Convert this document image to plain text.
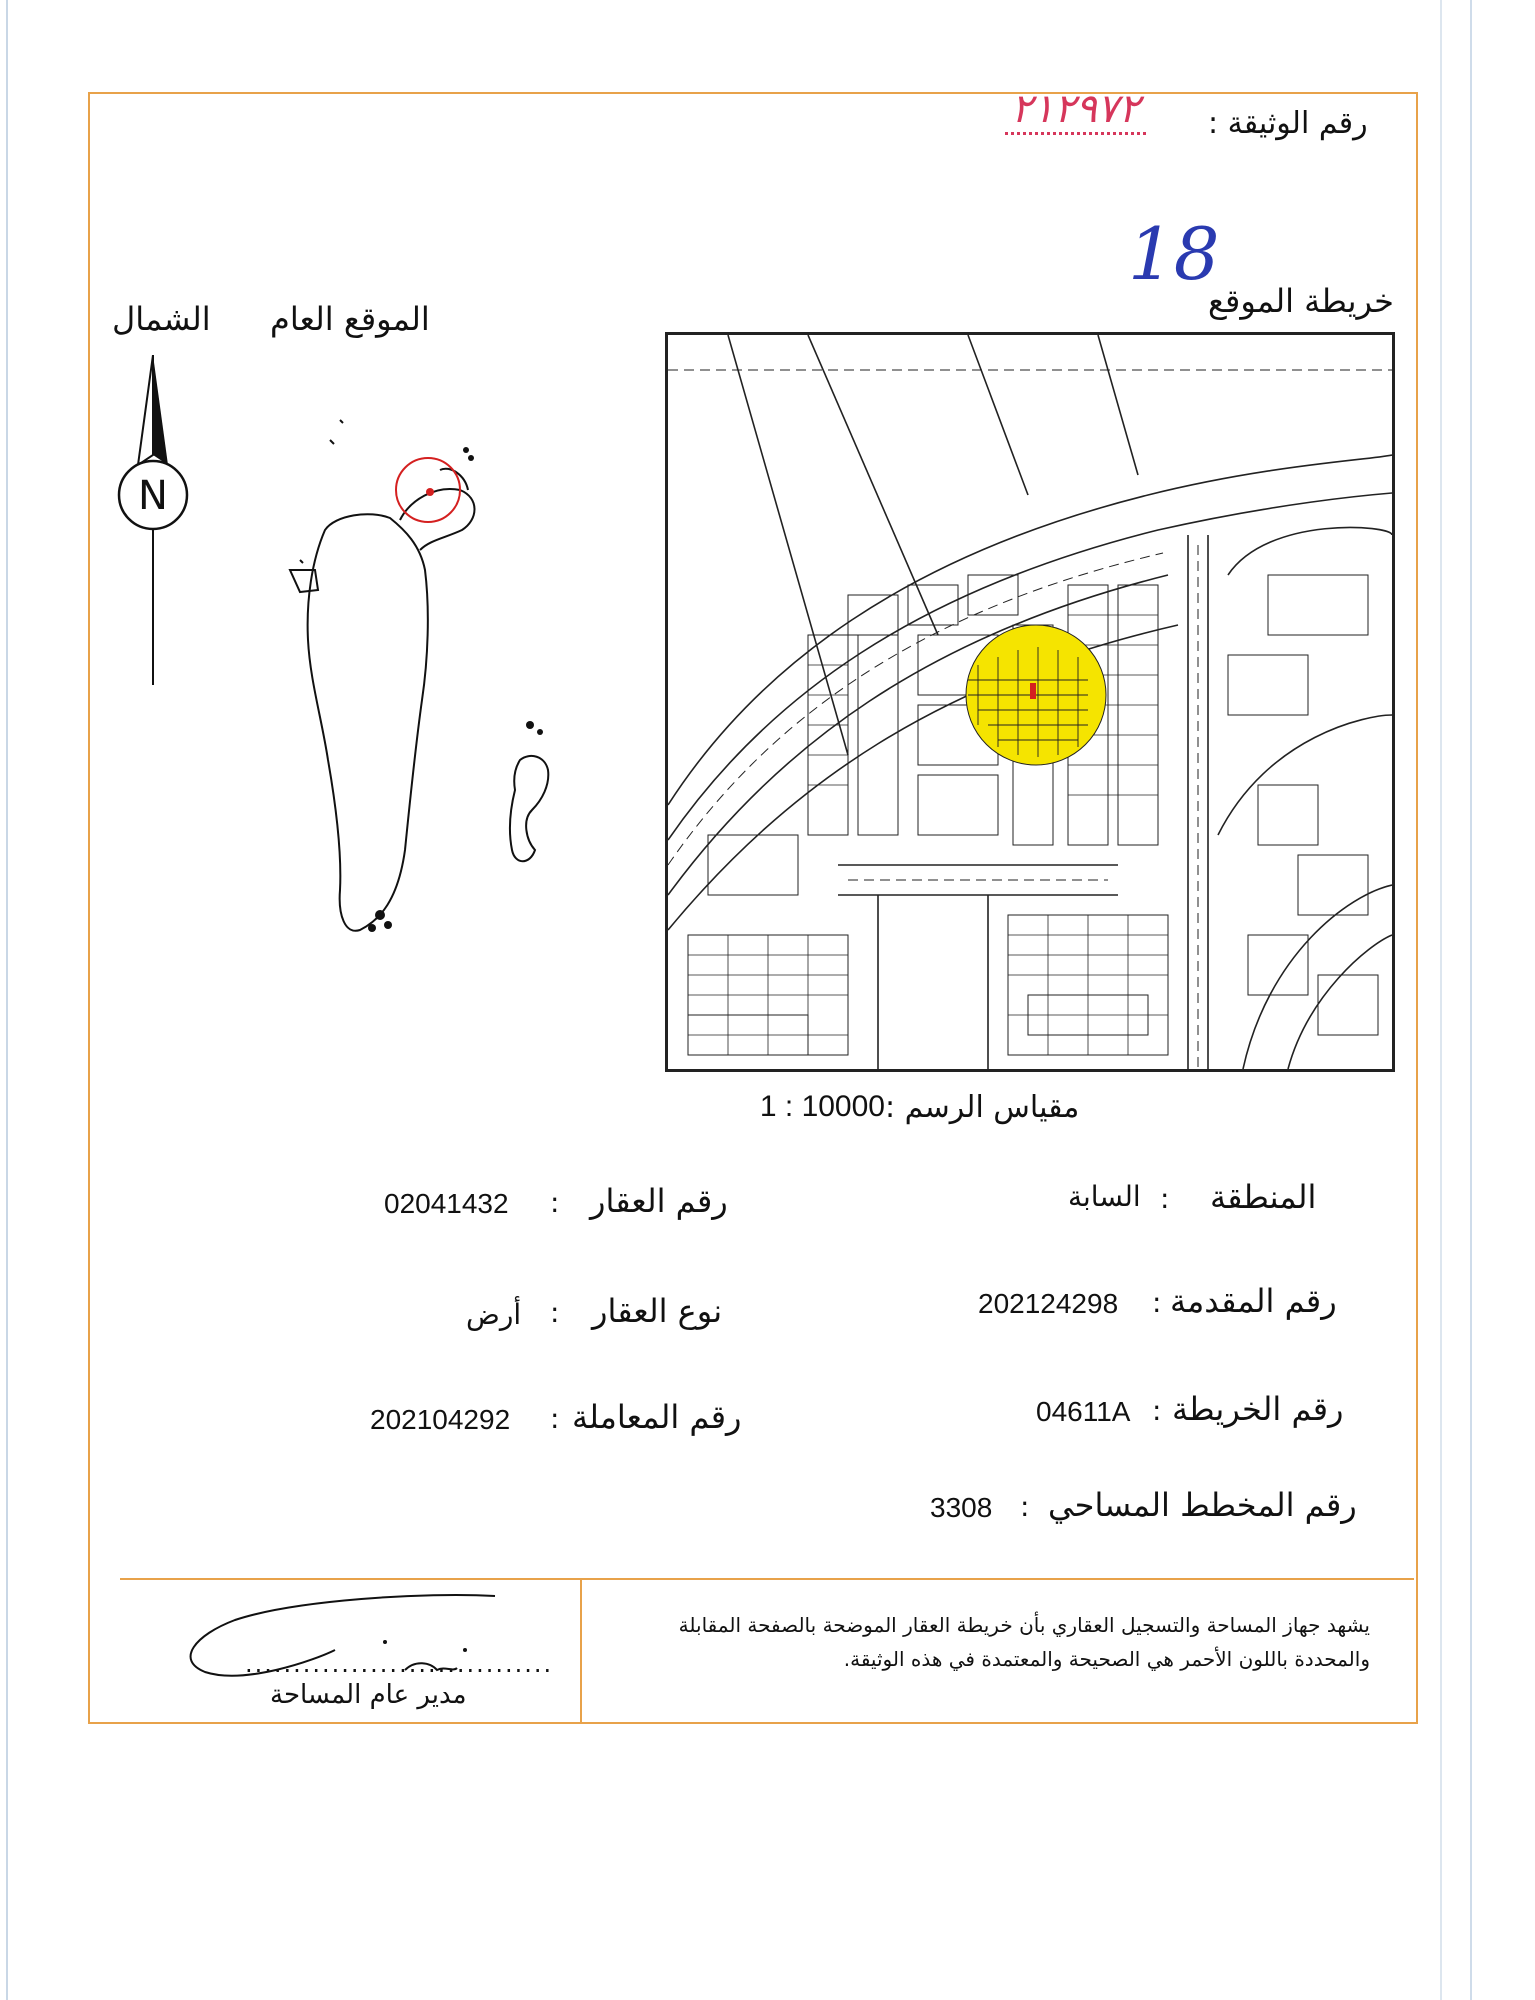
رقم الوثيقة :
٢١٢٩٧٢
18
خريطة الموقع
الموقع العام
الشمال
N
مقياس الرسم :
1 : 10000
المنطقة
:
السابة
رقم العقار
:
02041432
رقم المقدمة
:
202124298
نوع العقار
:
أرض
رقم الخريطة
:
04611A
رقم المعاملة
:
202104292
رقم المخطط المساحي
:
3308
يشهد جهاز المساحة والتسجيل العقاري بأن خريطة العقار الموضحة بالصفحة المقابلة والمحددة باللون الأحمر هي الصحيحة والمعتمدة في هذه الوثيقة.
................................
مدير عام المساحة
